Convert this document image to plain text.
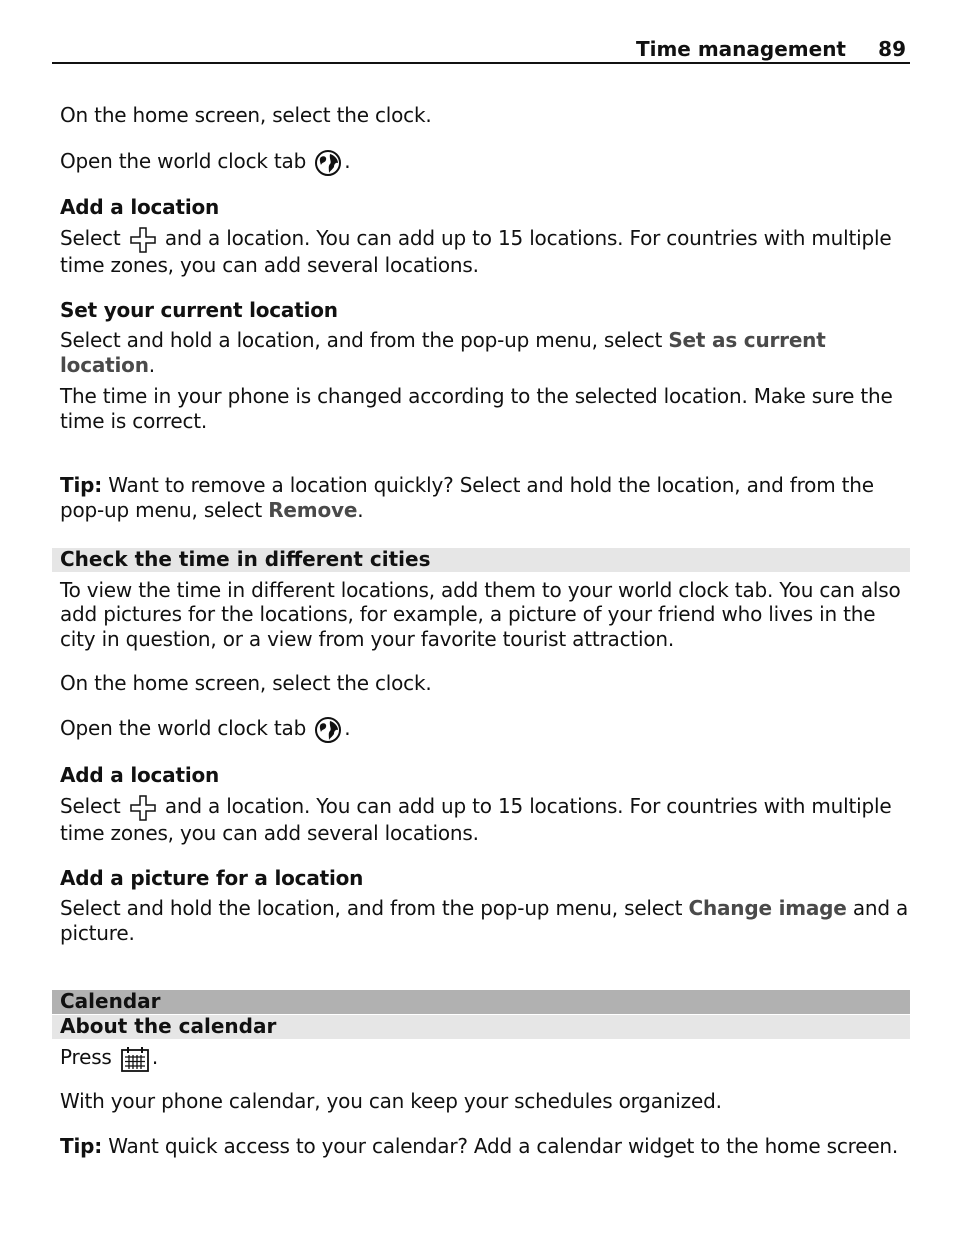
Time management 89
On the home screen, select the clock.
Open the world clock tab .
Add a location
Select and a location. You can add up to 15 locations. For countries with multiple
time zones, you can add several locations.
Set your current location
Select and hold a location, and from the pop-up menu, select Set as current
location.
The time in your phone is changed according to the selected location. Make sure the
time is correct.
Tip: Want to remove a location quickly? Select and hold the location, and from the
pop-up menu, select Remove.
Check the time in different cities
To view the time in different locations, add them to your world clock tab. You can also
add pictures for the locations, for example, a picture of your friend who lives in the
city in question, or a view from your favorite tourist attraction.
On the home screen, select the clock.
Open the world clock tab .
Add a location
Select and a location. You can add up to 15 locations. For countries with multiple
time zones, you can add several locations.
Add a picture for a location
Select and hold the location, and from the pop-up menu, select Change image and a
picture.
Calendar
About the calendar
Press .
With your phone calendar, you can keep your schedules organized.
Tip: Want quick access to your calendar? Add a calendar widget to the home screen.
